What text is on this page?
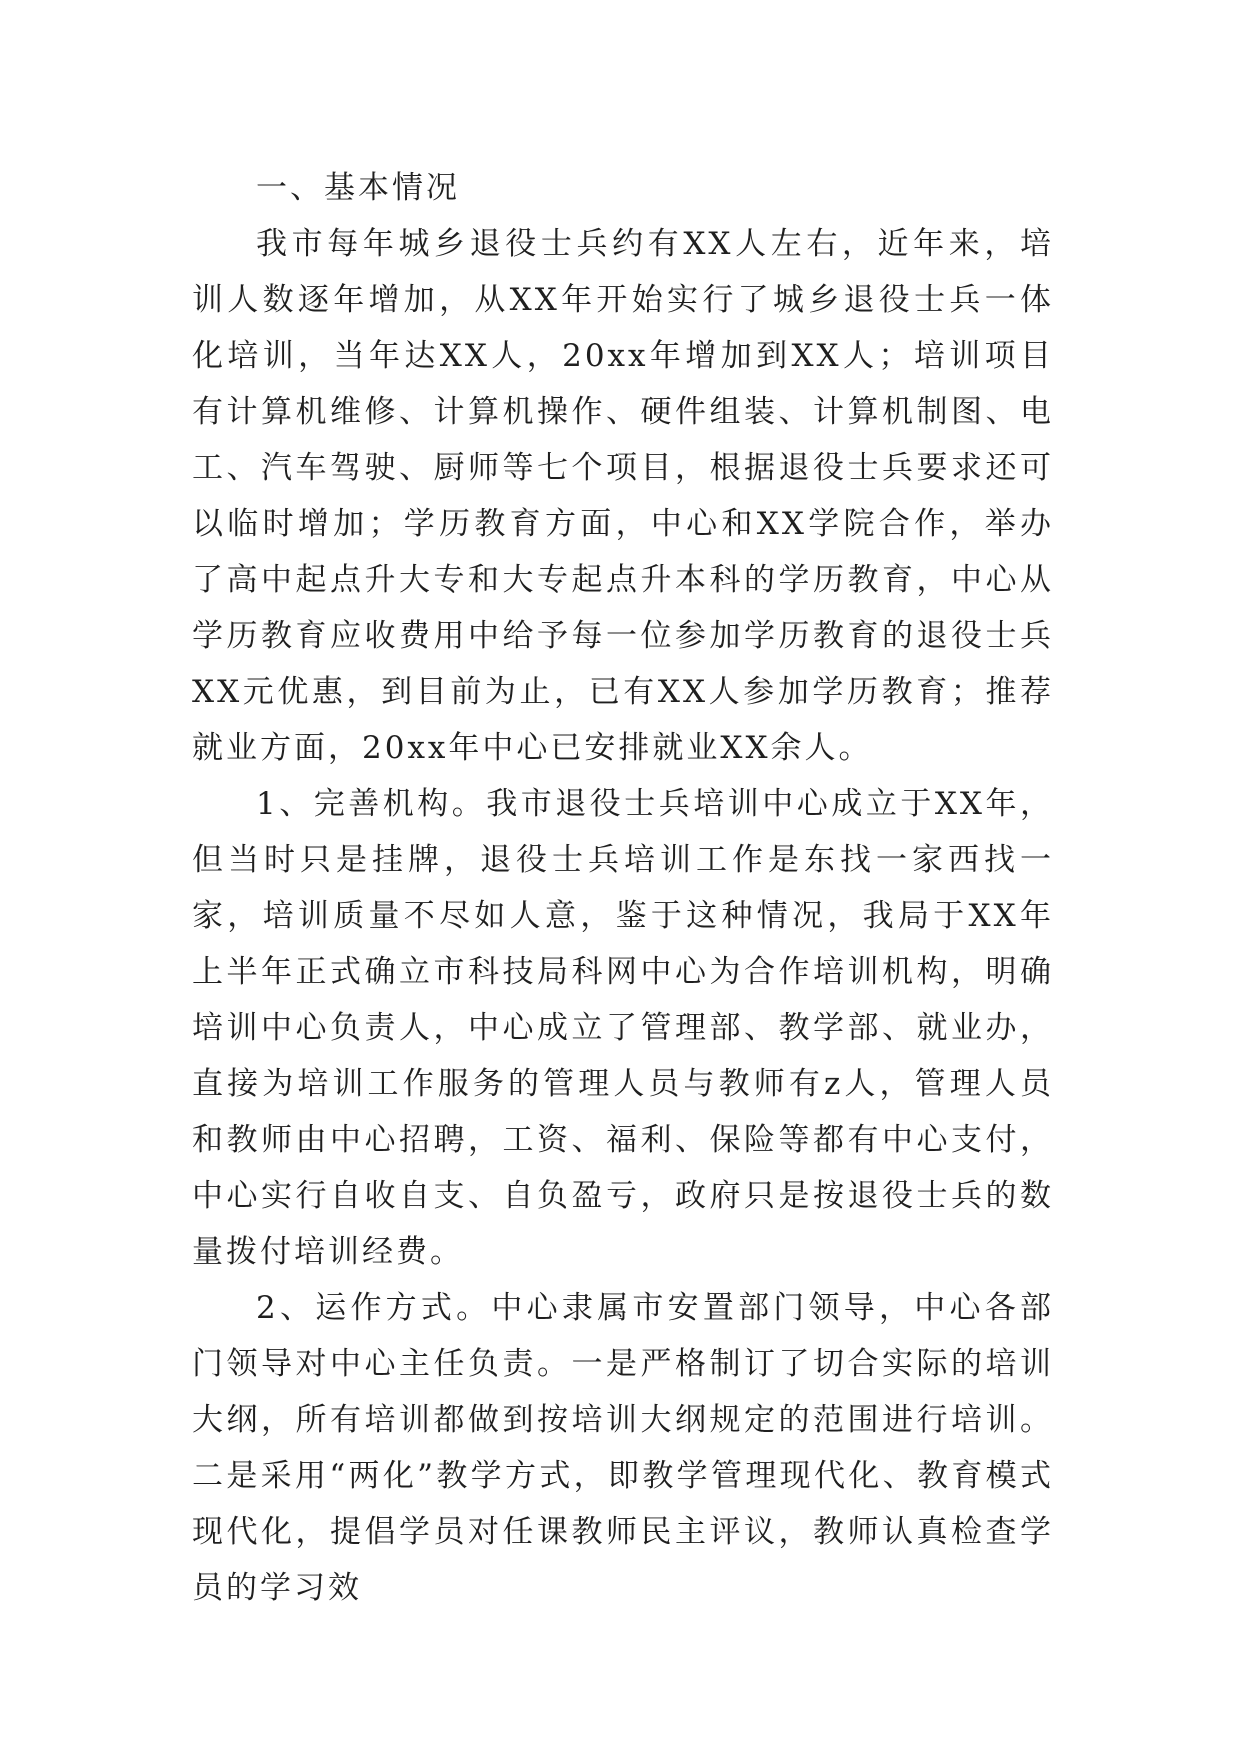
一、基本情况

我市每年城乡退役士兵约有XX人左右，近年来，培训人数逐年增加，从XX年开始实行了城乡退役士兵一体化培训，当年达XX人，20xx年增加到XX人；培训项目有计算机维修、计算机操作、硬件组装、计算机制图、电工、汽车驾驶、厨师等七个项目，根据退役士兵要求还可以临时增加；学历教育方面，中心和XX学院合作，举办了高中起点升大专和大专起点升本科的学历教育，中心从学历教育应收费用中给予每一位参加学历教育的退役士兵XX元优惠，到目前为止，已有XX人参加学历教育；推荐就业方面，20xx年中心已安排就业XX余人。

1、完善机构。我市退役士兵培训中心成立于XX年，但当时只是挂牌，退役士兵培训工作是东找一家西找一家，培训质量不尽如人意，鉴于这种情况，我局于XX年上半年正式确立市科技局科网中心为合作培训机构，明确培训中心负责人，中心成立了管理部、教学部、就业办，直接为培训工作服务的管理人员与教师有z人，管理人员和教师由中心招聘，工资、福利、保险等都有中心支付，中心实行自收自支、自负盈亏，政府只是按退役士兵的数量拨付培训经费。

2、运作方式。中心隶属市安置部门领导，中心各部门领导对中心主任负责。一是严格制订了切合实际的培训大纲，所有培训都做到按培训大纲规定的范围进行培训。二是采用“两化”教学方式，即教学管理现代化、教育模式现代化，提倡学员对任课教师民主评议，教师认真检查学员的学习效
